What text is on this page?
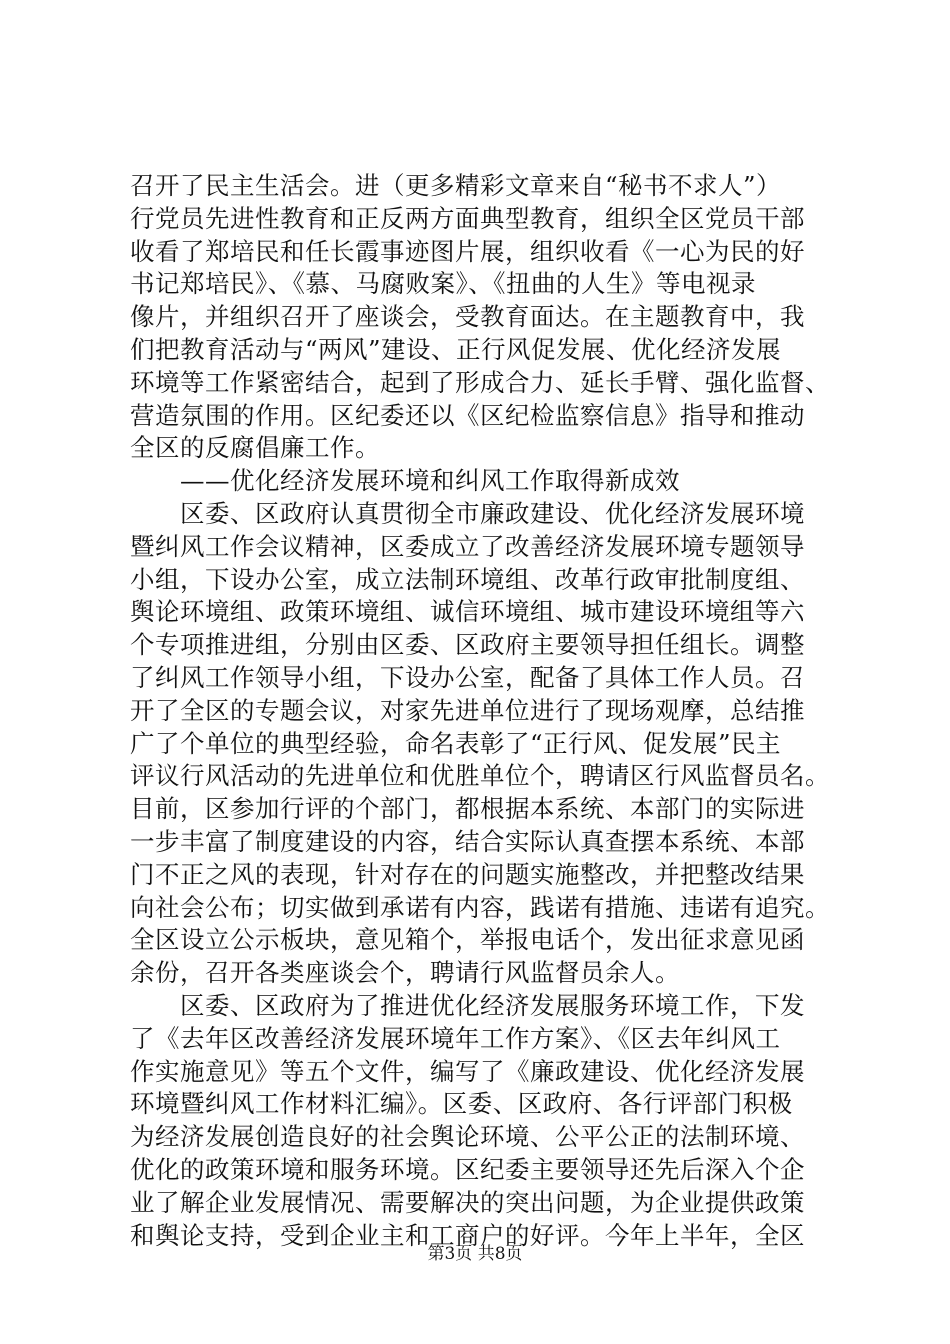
召开了民主生活会。进（更多精彩文章来自“秘书不求人”）
行党员先进性教育和正反两方面典型教育，组织全区党员干部
收看了郑培民和任长霞事迹图片展，组织收看《一心为民的好
书记郑培民》、《慕、马腐败案》、《扭曲的人生》等电视录
像片，并组织召开了座谈会，受教育面达。在主题教育中，我
们把教育活动与“两风”建设、正行风促发展、优化经济发展
环境等工作紧密结合，起到了形成合力、延长手臂、强化监督、
营造氛围的作用。区纪委还以《区纪检监察信息》指导和推动
全区的反腐倡廉工作。
　　——优化经济发展环境和纠风工作取得新成效
　　区委、区政府认真贯彻全市廉政建设、优化经济发展环境
暨纠风工作会议精神，区委成立了改善经济发展环境专题领导
小组，下设办公室，成立法制环境组、改革行政审批制度组、
舆论环境组、政策环境组、诚信环境组、城市建设环境组等六
个专项推进组，分别由区委、区政府主要领导担任组长。调整
了纠风工作领导小组，下设办公室，配备了具体工作人员。召
开了全区的专题会议，对家先进单位进行了现场观摩，总结推
广了个单位的典型经验，命名表彰了“正行风、促发展”民主
评议行风活动的先进单位和优胜单位个，聘请区行风监督员名。
目前，区参加行评的个部门，都根据本系统、本部门的实际进
一步丰富了制度建设的内容，结合实际认真查摆本系统、本部
门不正之风的表现，针对存在的问题实施整改，并把整改结果
向社会公布；切实做到承诺有内容，践诺有措施、违诺有追究。
全区设立公示板块，意见箱个，举报电话个，发出征求意见函
余份，召开各类座谈会个，聘请行风监督员余人。
　　区委、区政府为了推进优化经济发展服务环境工作，下发
了《去年区改善经济发展环境年工作方案》、《区去年纠风工
作实施意见》等五个文件，编写了《廉政建设、优化经济发展
环境暨纠风工作材料汇编》。区委、区政府、各行评部门积极
为经济发展创造良好的社会舆论环境、公平公正的法制环境、
优化的政策环境和服务环境。区纪委主要领导还先后深入个企
业了解企业发展情况、需要解决的突出问题，为企业提供政策
和舆论支持，受到企业主和工商户的好评。今年上半年，全区
第3页 共8页
